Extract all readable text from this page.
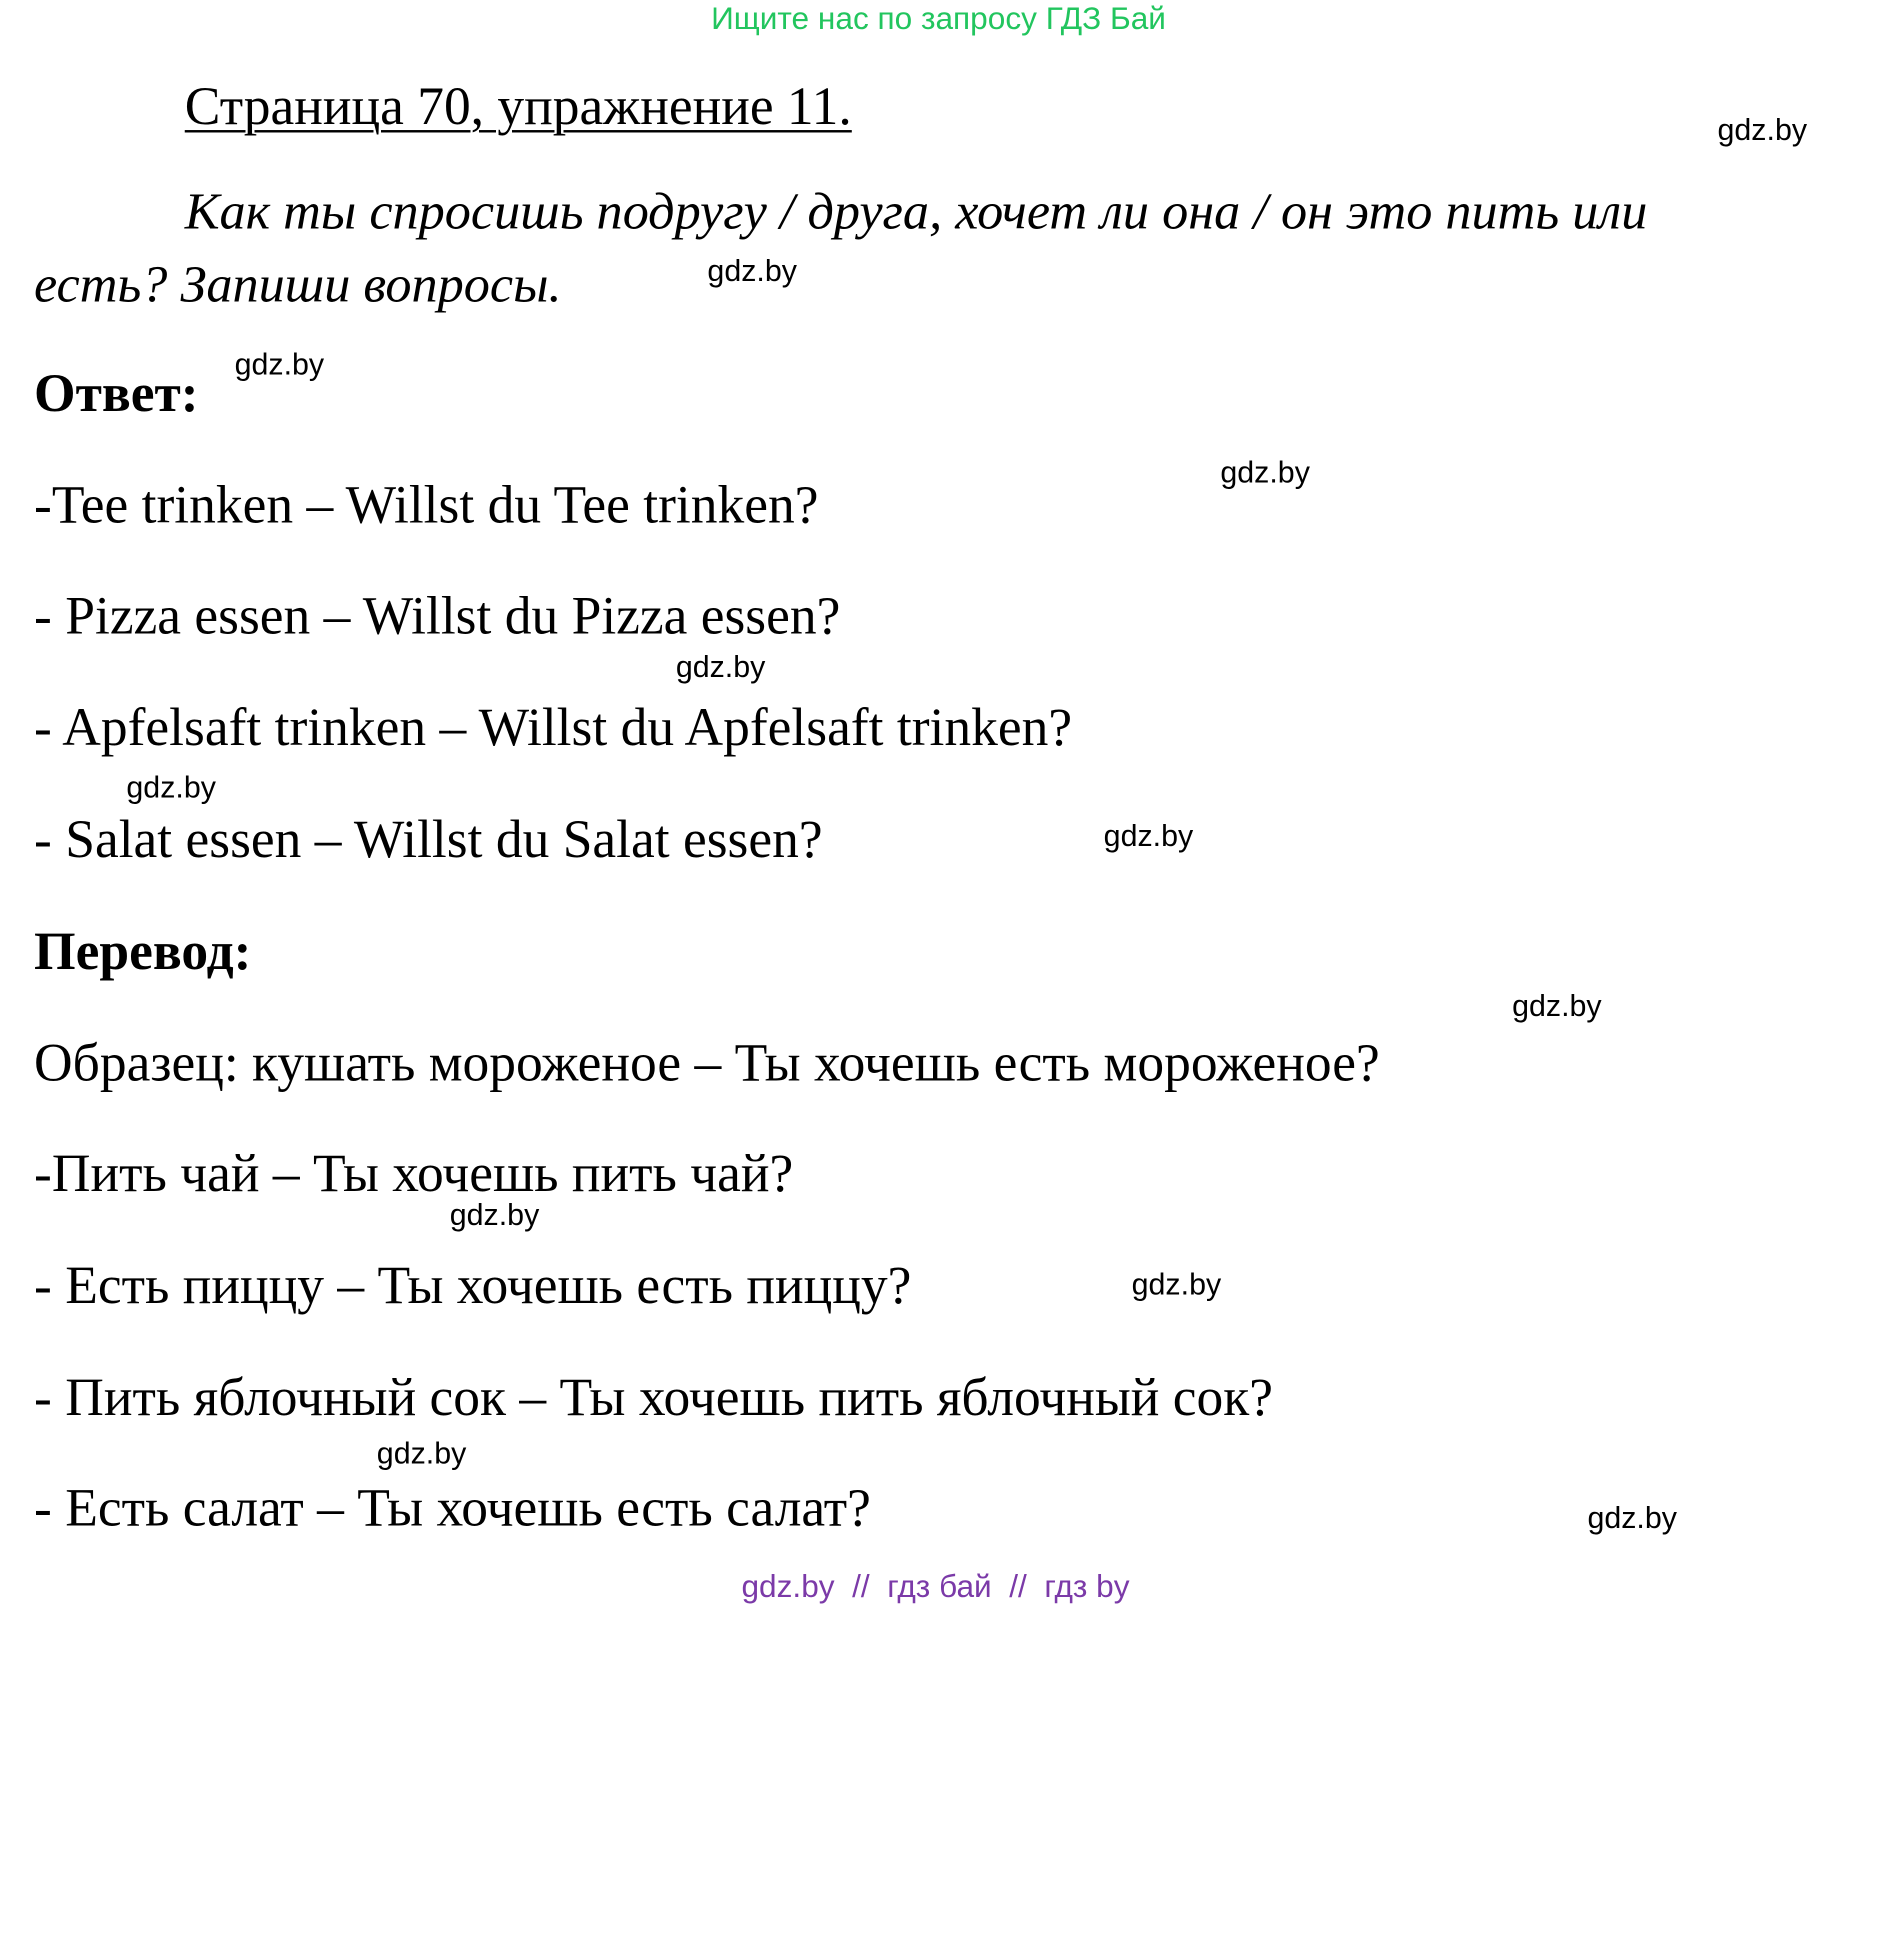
Ищите нас по запросу ГДЗ Бай
Страница 70, упражнение 11.	gdz.by
Как ты спросишь подругу / друга, хочет ли она / он это пить или
есть? Запиши вопросы.	gdz.by
Ответ: gdz.by
-Tee trinken – Willst du Tee trinken?
gdz.by
- Pizza essen – Willst du Pizza essen?
gdz.by
- Apfelsaft trinken – Willst du Apfelsaft trinken?
gdz.by
- Salat essen – Willst du Salat essen?	gdz.by
Перевод:
gdz.by
Образец: кушать мороженое – Ты хочешь есть мороженое?
-Пить чай – Ты хочешь пить чай?
gdz.by
- Есть пиццу – Ты хочешь есть пиццу?	gdz.by
- Пить яблочный сок – Ты хочешь пить яблочный сок?
gdz.by
- Есть салат – Ты хочешь есть салат?	gdz.by
gdz.by  //  гдз бай  //  гдз by
